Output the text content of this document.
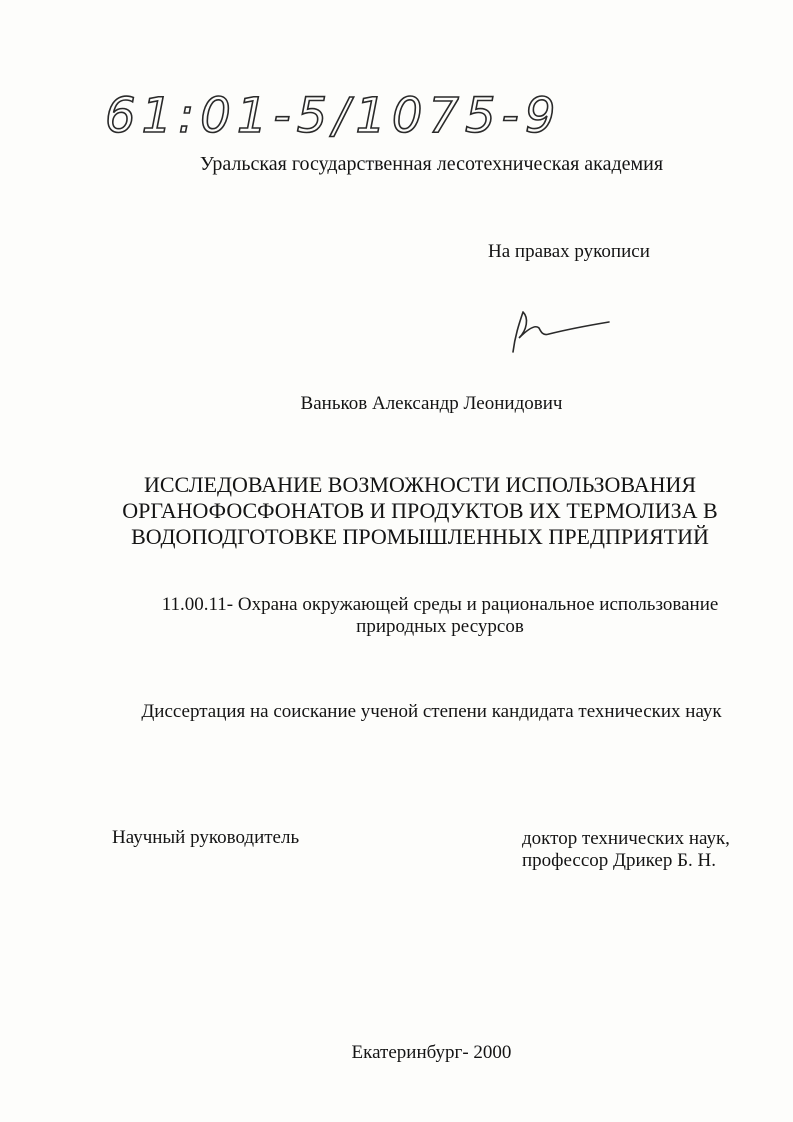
61:01-5/1075-9
Уральская государственная лесотехническая академия
На правах рукописи
Ваньков Александр Леонидович
ИССЛЕДОВАНИЕ ВОЗМОЖНОСТИ ИСПОЛЬЗОВАНИЯ
ОРГАНОФОСФОНАТОВ И ПРОДУКТОВ ИХ ТЕРМОЛИЗА В
ВОДОПОДГОТОВКЕ ПРОМЫШЛЕННЫХ ПРЕДПРИЯТИЙ
11.00.11- Охрана окружающей среды и рациональное использование
природных ресурсов
Диссертация на соискание ученой степени кандидата технических наук
Научный руководитель	доктор технических наук,
профессор Дрикер Б. Н.
Екатеринбург- 2000
